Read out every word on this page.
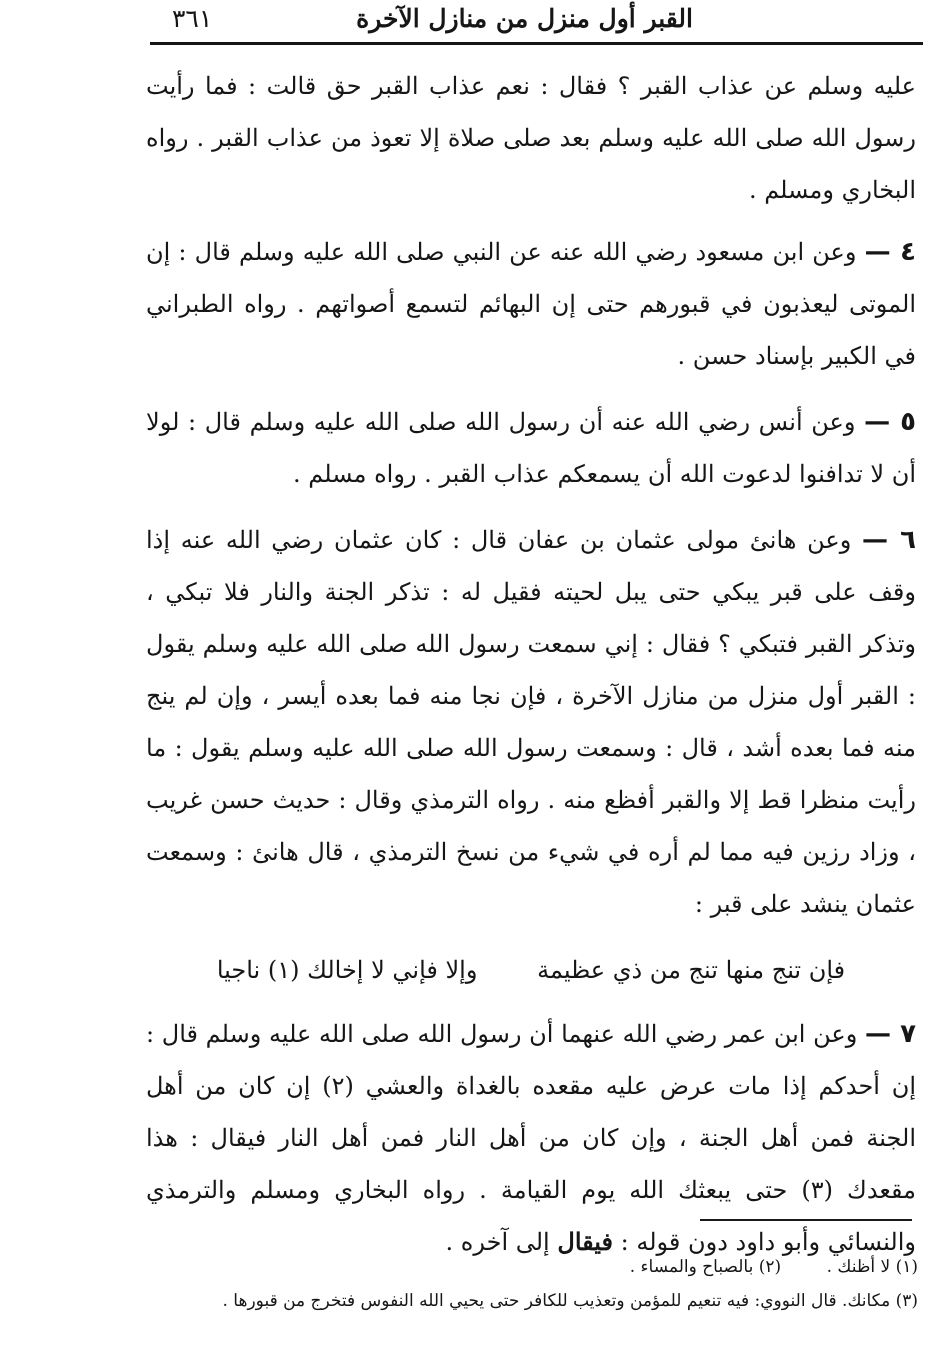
القبر أول منزل من منازل الآخرة
٣٦١

عليه وسلم عن عذاب القبر ؟ فقال : نعم عذاب القبر حق قالت : فما رأيت رسول الله صلى الله عليه وسلم بعد صلى صلاة إلا تعوذ من عذاب القبر . رواه البخاري ومسلم .

٤ — وعن ابن مسعود رضي الله عنه عن النبي صلى الله عليه وسلم قال : إن الموتى ليعذبون في قبورهم حتى إن البهائم لتسمع أصواتهم . رواه الطبراني في الكبير بإسناد حسن .

٥ — وعن أنس رضي الله عنه أن رسول الله صلى الله عليه وسلم قال : لولا أن لا تدافنوا لدعوت الله أن يسمعكم عذاب القبر . رواه مسلم .

٦ — وعن هانئ مولى عثمان بن عفان قال : كان عثمان رضي الله عنه إذا وقف على قبر يبكي حتى يبل لحيته فقيل له : تذكر الجنة والنار فلا تبكي ، وتذكر القبر فتبكي ؟ فقال : إني سمعت رسول الله صلى الله عليه وسلم يقول : القبر أول منزل من منازل الآخرة ، فإن نجا منه فما بعده أيسر ، وإن لم ينج منه فما بعده أشد ، قال : وسمعت رسول الله صلى الله عليه وسلم يقول : ما رأيت منظرا قط إلا والقبر أفظع منه . رواه الترمذي وقال : حديث حسن غريب ، وزاد رزين فيه مما لم أره في شيء من نسخ الترمذي ، قال هانئ : وسمعت عثمان ينشد على قبر :

فإن تنج منها تنج من ذي عظيمة وإلا فإني لا إخالك (١) ناجيا

٧ — وعن ابن عمر رضي الله عنهما أن رسول الله صلى الله عليه وسلم قال : إن أحدكم إذا مات عرض عليه مقعده بالغداة والعشي (٢) إن كان من أهل الجنة فمن أهل الجنة ، وإن كان من أهل النار فمن أهل النار فيقال : هذا مقعدك (٣) حتى يبعثك الله يوم القيامة . رواه البخاري ومسلم والترمذي والنسائي وأبو داود دون قوله : فيقال إلى آخره .

(١) لا أظنك . (٢) بالصباح والمساء .
(٣) مكانك. قال النووي: فيه تنعيم للمؤمن وتعذيب للكافر حتى يحيي الله النفوس فتخرج من قبورها .
